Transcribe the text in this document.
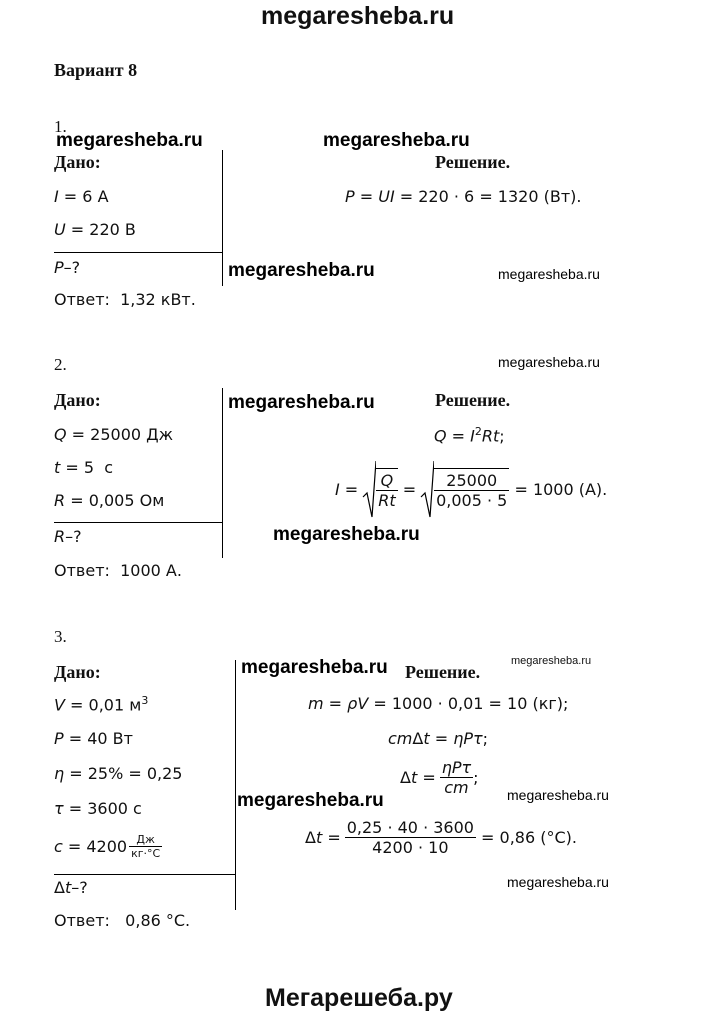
megaresheba.ru
Вариант 8
1.
megaresheba.ru	megaresheba.ru
Дано:	Решение.
I = 6 А
U = 220 В
P = UI = 220 · 6 = 1320 (Вт).
P–?	megaresheba.ru	megaresheba.ru
Ответ: 1,32 кВт.
2.	megaresheba.ru
Дано:	megaresheba.ru	Решение.
Q = 25000 Дж	$Q = I^2Rt$;
t = 5  с
R = 0,005 Ом
$I = \frac{Q}{Rt} = \frac{25000}{0,005 \cdot 5} = 1000$ (А).
R–?	megaresheba.ru
Ответ: 1000 А.
3.
Дано:	megaresheba.ru Решение.
megaresheba.ru
V = 0,01 $м^3$	m = ρV = 1000 · 0,01 = 10 (кг);
P = 40 Вт	cmΔt = ηPτ;
η = 25% = 0,25	$\Delta t = \frac{\text{ηPτ}}{cm}$ ;
megaresheba.ru	megaresheba.ru
τ = 3600 с
$c = 4200 \frac{Дж}{кг\cdot^\circ С}$	$\Delta t = \frac{0,25 \cdot 40 \cdot 3600}{4200 \cdot 10} = 0,86$ (°С).
Δt–?	megaresheba.ru
Ответ: 0,86 °С.
Мегарешеба.ру
